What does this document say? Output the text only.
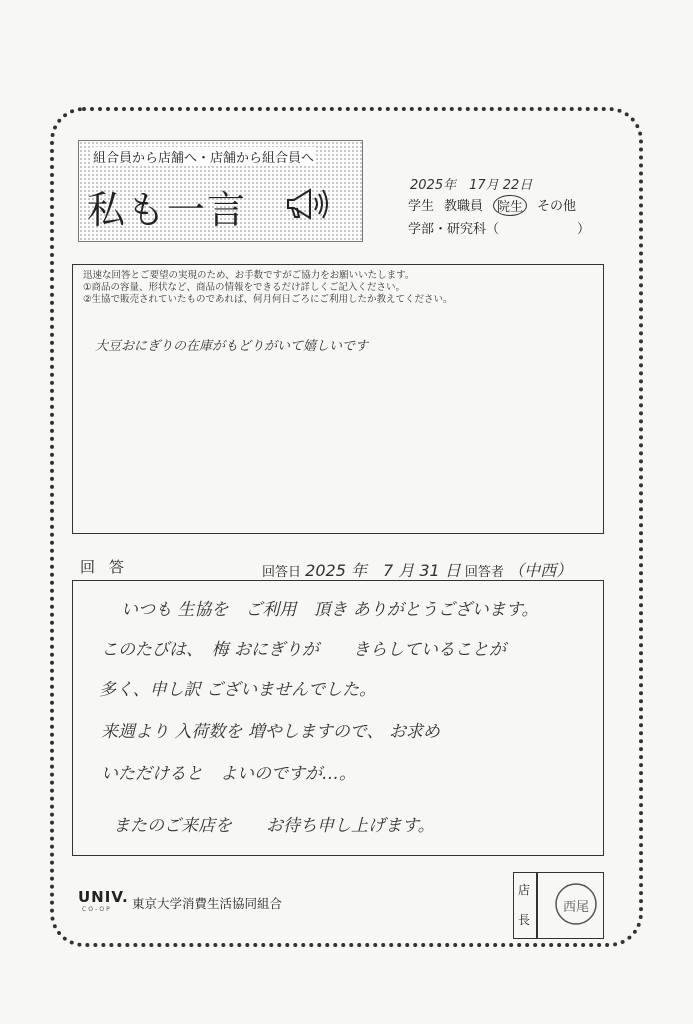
組合員から店舗へ・店舗から組合員へ
私も一言
2025年　17月 22日
学生 教職員	院生	その他
学部・研究科（　　　　　　）
迅速な回答とご要望の実現のため、お手数ですがご協力をお願いいたします。
①商品の容量、形状など、商品の情報をできるだけ詳しくご記入ください。
②生協で販売されていたものであれば、何月何日ごろにご利用したか教えてください。
大豆おにぎりの在庫がもどりがいて嬉しいです
回答	回答日 2025 年　7 月 31 日 回答者 （中西）
いつも 生協を　ご利用　頂き ありがとうございます。
このたびは、　梅 おにぎりが　　きらしていることが
多く、申し訳 ございませんでした。
来週より 入荷数を 増やしますので、 お求め
いただけると　よいのですが…。
またのご来店を　　お待ち申し上げます。
UNIV.
CO-OP 東京大学消費生活協同組合
店
長
西尾
